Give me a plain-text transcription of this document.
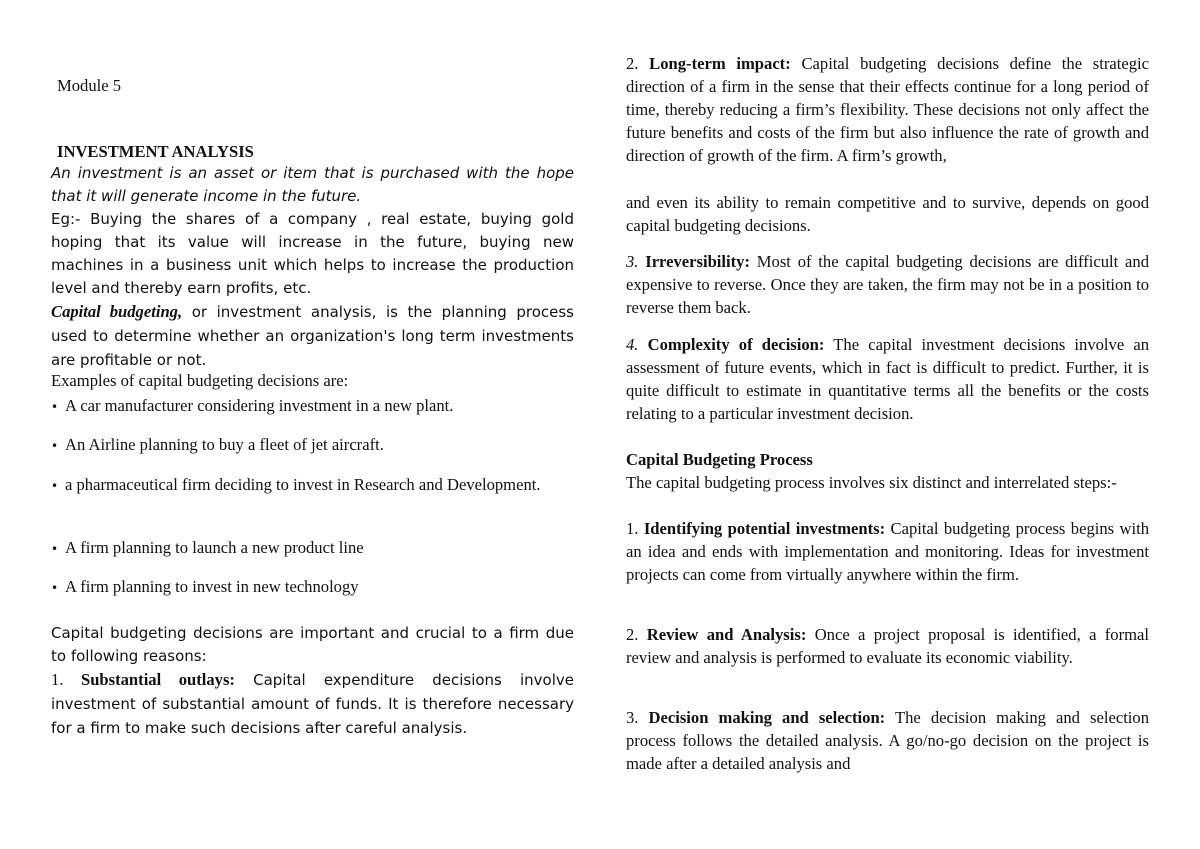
Module 5
INVESTMENT ANALYSIS

An investment is an asset or item that is purchased with the hope that it will generate income in the future.

Eg:- Buying the shares of a company , real estate, buying gold hoping that its value will increase in the future, buying new machines in a business unit which helps to increase the production level and thereby earn profits, etc.

Capital budgeting, or investment analysis, is the planning process used to determine whether an organization's long term investments are profitable or not.

Examples of capital budgeting decisions are:
• A car manufacturer considering investment in a new plant.
• An Airline planning to buy a fleet of jet aircraft.
• a pharmaceutical firm deciding to invest in Research and Development.
• A firm planning to launch a new product line
• A firm planning to invest in new technology

Capital budgeting decisions are important and crucial to a firm due to following reasons:

1. Substantial outlays: Capital expenditure decisions involve investment of substantial amount of funds. It is therefore necessary for a firm to make such decisions after careful analysis.

2. Long-term impact: Capital budgeting decisions define the strategic direction of a firm in the sense that their effects continue for a long period of time, thereby reducing a firm’s flexibility. These decisions not only affect the future benefits and costs of the firm but also influence the rate of growth and direction of growth of the firm. A firm’s growth,

and even its ability to remain competitive and to survive, depends on good capital budgeting decisions.

3. Irreversibility: Most of the capital budgeting decisions are difficult and expensive to reverse. Once they are taken, the firm may not be in a position to reverse them back.

4. Complexity of decision: The capital investment decisions involve an assessment of future events, which in fact is difficult to predict. Further, it is quite difficult to estimate in quantitative terms all the benefits or the costs relating to a particular investment decision.

Capital Budgeting Process

The capital budgeting process involves six distinct and interrelated steps:-

1. Identifying potential investments: Capital budgeting process begins with an idea and ends with implementation and monitoring. Ideas for investment projects can come from virtually anywhere within the firm.

2. Review and Analysis: Once a project proposal is identified, a formal review and analysis is performed to evaluate its economic viability.

3. Decision making and selection: The decision making and selection process follows the detailed analysis. A go/no-go decision on the project is made after a detailed analysis and
